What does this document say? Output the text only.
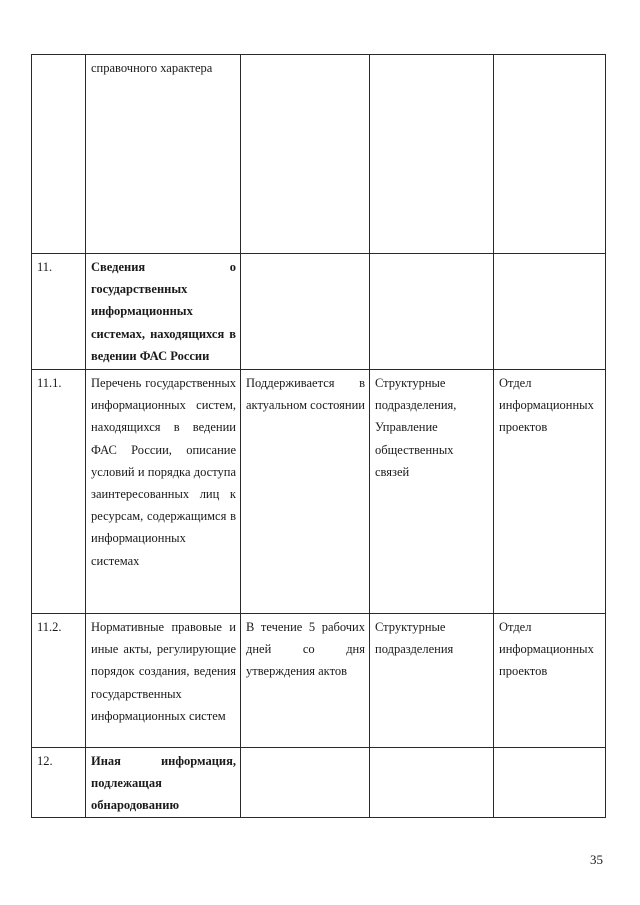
	справочного характера			
11.	Сведения о государственных информационных системах, находящихся в ведении ФАС России			
11.1.	Перечень государственных информационных систем, находящихся в ведении ФАС России, описание условий и порядка доступа заинтересованных лиц к ресурсам, содержащимся в информационных системах	Поддерживается в актуальном состоянии	Структурные подразделения, Управление общественных связей	Отдел информационных проектов
11.2.	Нормативные правовые и иные акты, регулирующие порядок создания, ведения государственных информационных систем	В течение 5 рабочих дней со дня утверждения актов	Структурные подразделения	Отдел информационных проектов
12.	Иная информация, подлежащая обнародованию			
35
